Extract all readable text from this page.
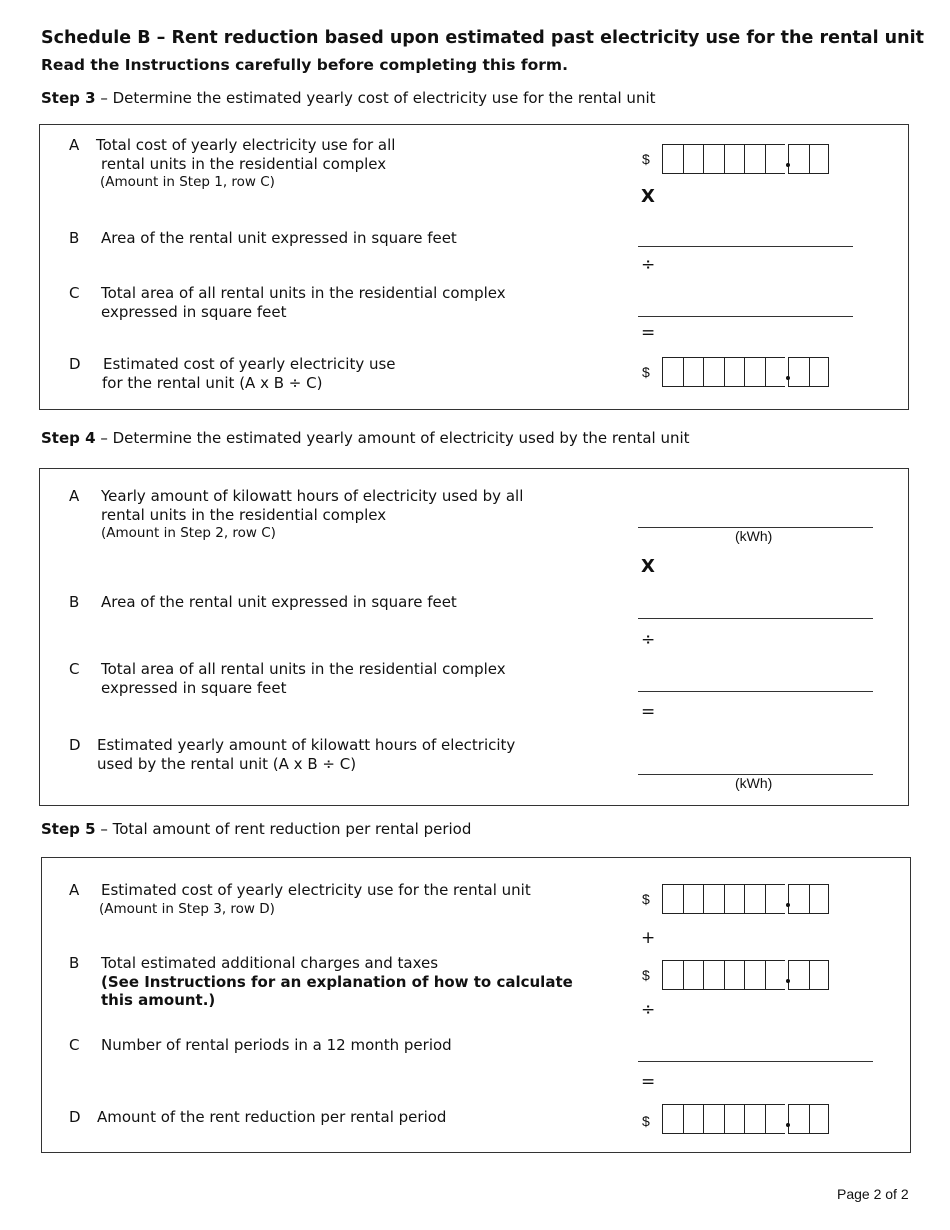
Schedule B – Rent reduction based upon estimated past electricity use for the rental unit
Read the Instructions carefully before completing this form.
Step 3 – Determine the estimated yearly cost of electricity use for the rental unit
A Total cost of yearly electricity use for all
rental units in the residential complex
(Amount in Step 1, row C)
$
X
B Area of the rental unit expressed in square feet
÷
C Total area of all rental units in the residential complex
expressed in square feet
=
D Estimated cost of yearly electricity use
for the rental unit (A x B ÷ C)
$
Step 4 – Determine the estimated yearly amount of electricity used by the rental unit
A Yearly amount of kilowatt hours of electricity used by all
rental units in the residential complex
(Amount in Step 2, row C)	(kWh)
X
B Area of the rental unit expressed in square feet
÷
C Total area of all rental units in the residential complex
expressed in square feet
=
D Estimated yearly amount of kilowatt hours of electricity
used by the rental unit (A x B ÷ C)
(kWh)
Step 5 – Total amount of rent reduction per rental period
A Estimated cost of yearly electricity use for the rental unit
(Amount in Step 3, row D)
$
+
B Total estimated additional charges and taxes
(See Instructions for an explanation of how to calculate
this amount.)
$
÷
C Number of rental periods in a 12 month period
=
D Amount of the rent reduction per rental period	$
Page 2 of 2
